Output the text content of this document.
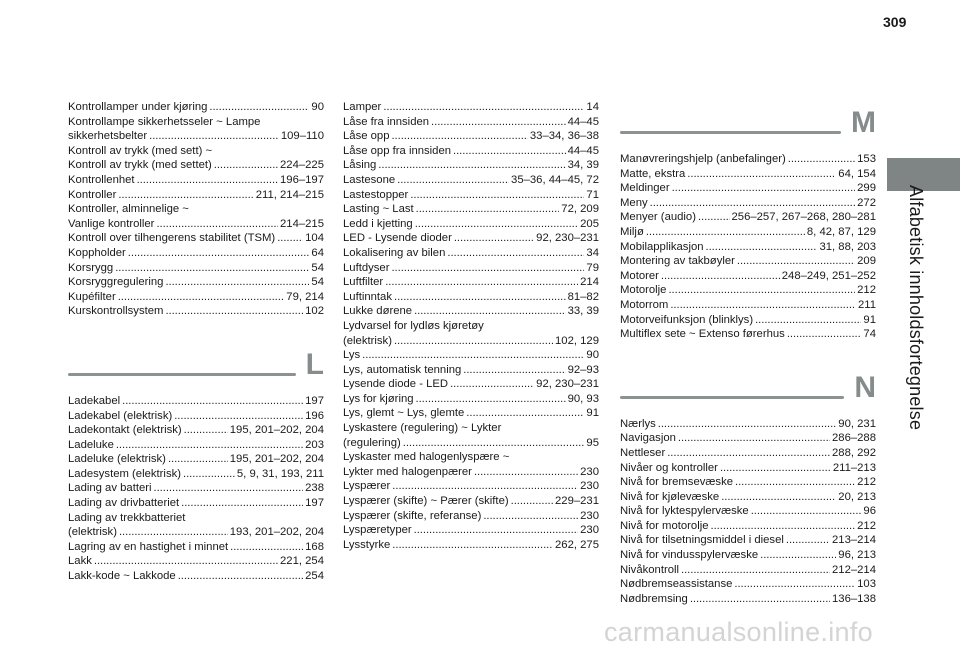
309
Alfabetisk innholdsfortegnelse
Kontrollamper under kjøring . . .	90
Kontrollampe sikkerhetsseler ~ Lampe
sikkerhetsbelter . . .	109–110
Kontroll av trykk (med sett) ~
Kontroll av trykk (med settet) . . .	224–225
Kontrollenhet . . .	196–197
Kontroller . . .	211, 214–215
Kontroller, alminnelige ~
Vanlige kontroller . . .	214–215
Kontroll over tilhengerens stabilitet (TSM) . . .	104
Koppholder . . .	64
Korsrygg . . .	54
Korsryggregulering . . .	54
Kupéfilter . . .	79, 214
Kurskontrollsystem . . .	102
L
Ladekabel . . .	197
Ladekabel (elektrisk) . . .	196
Ladekontakt (elektrisk) . . .	195, 201–202, 204
Ladeluke . . .	203
Ladeluke (elektrisk) . . .	195, 201–202, 204
Ladesystem (elektrisk) . . .	5, 9, 31, 193, 211
Lading av batteri . . .	238
Lading av drivbatteriet . . .	197
Lading av trekkbatteriet
(elektrisk) . . .	193, 201–202, 204
Lagring av en hastighet i minnet . . .	168
Lakk . . .	221, 254
Lakk-kode ~ Lakkode . . .	254
Lamper . . .	14
Låse fra innsiden . . .	44–45
Låse opp . . .	33–34, 36–38
Låse opp fra innsiden . . .	44–45
Låsing . . .	34, 39
Lastesone . . .	35–36, 44–45, 72
Lastestopper . . .	71
Lasting ~ Last . . .	72, 209
Ledd i kjetting . . .	205
LED - Lysende dioder . . .	92, 230–231
Lokalisering av bilen . . .	34
Luftdyser . . .	79
Luftfilter . . .	214
Luftinntak . . .	81–82
Lukke dørene . . .	33, 39
Lydvarsel for lydløs kjøretøy
(elektrisk) . . .	102, 129
Lys . . .	90
Lys, automatisk tenning . . .	92–93
Lysende diode - LED . . .	92, 230–231
Lys for kjøring . . .	90, 93
Lys, glemt ~ Lys, glemte . . .	91
Lyskastere (regulering) ~ Lykter
(regulering) . . .	95
Lyskaster med halogenlyspære ~
Lykter med halogenpærer . . .	230
Lyspærer . . .	230
Lyspærer (skifte) ~ Pærer (skifte) . . .	229–231
Lyspærer (skifte, referanse) . . .	230
Lyspæretyper . . .	230
Lysstyrke . . .	262, 275
M
Manøvreringshjelp (anbefalinger) . . .	153
Matte, ekstra . . .	64, 154
Meldinger . . .	299
Meny . . .	272
Menyer (audio) . . .	256–257, 267–268, 280–281
Miljø . . .	8, 42, 87, 129
Mobilapplikasjon . . .	31, 88, 203
Montering av takbøyler . . .	209
Motorer . . .	248–249, 251–252
Motorolje . . .	212
Motorrom . . .	211
Motorveifunksjon (blinklys) . . .	91
Multiflex sete ~ Extenso førerhus . . .	74
N
Nærlys . . .	90, 231
Navigasjon . . .	286–288
Nettleser . . .	288, 292
Nivåer og kontroller . . .	211–213
Nivå for bremsevæske . . .	212
Nivå for kjølevæske . . .	20, 213
Nivå for lyktespylervæske . . .	96
Nivå for motorolje . . .	212
Nivå for tilsetningsmiddel i diesel . . .	213–214
Nivå for vindusspylervæske . . .	96, 213
Nivåkontroll . . .	212–214
Nødbremseassistanse . . .	103
Nødbremsing . . .	136–138
carmanualsonline.info
